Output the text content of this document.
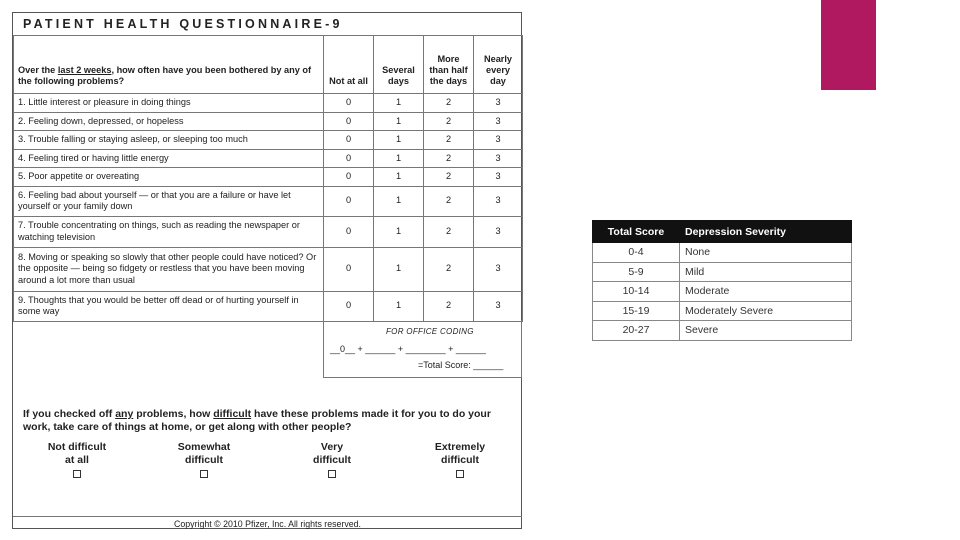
PATIENT HEALTH QUESTIONNAIRE-9
Over the last 2 weeks, how often have you been bothered by any of the following problems?	Not at all	Several days	More than half the days	Nearly every day
1. Little interest or pleasure in doing things	0	1	2	3
2. Feeling down, depressed, or hopeless	0	1	2	3
3. Trouble falling or staying asleep, or sleeping too much	0	1	2	3
4. Feeling tired or having little energy	0	1	2	3
5. Poor appetite or overeating	0	1	2	3
6. Feeling bad about yourself — or that you are a failure or have let yourself or your family down	0	1	2	3
7. Trouble concentrating on things, such as reading the newspaper or watching television	0	1	2	3
8. Moving or speaking so slowly that other people could have noticed? Or the opposite — being so fidgety or restless that you have been moving around a lot more than usual	0	1	2	3
9. Thoughts that you would be better off dead or of hurting yourself in some way	0	1	2	3
FOR OFFICE CODING
__0__ + ______ + ________ + ______
=Total Score: ______
If you checked off any problems, how difficult have these problems made it for you to do your work, take care of things at home, or get along with other people?
Not difficult at all
Somewhat difficult
Very difficult
Extremely difficult
Copyright © 2010 Pfizer, Inc. All rights reserved.
Total Score	Depression Severity
0-4	None
5-9	Mild
10-14	Moderate
15-19	Moderately Severe
20-27	Severe
